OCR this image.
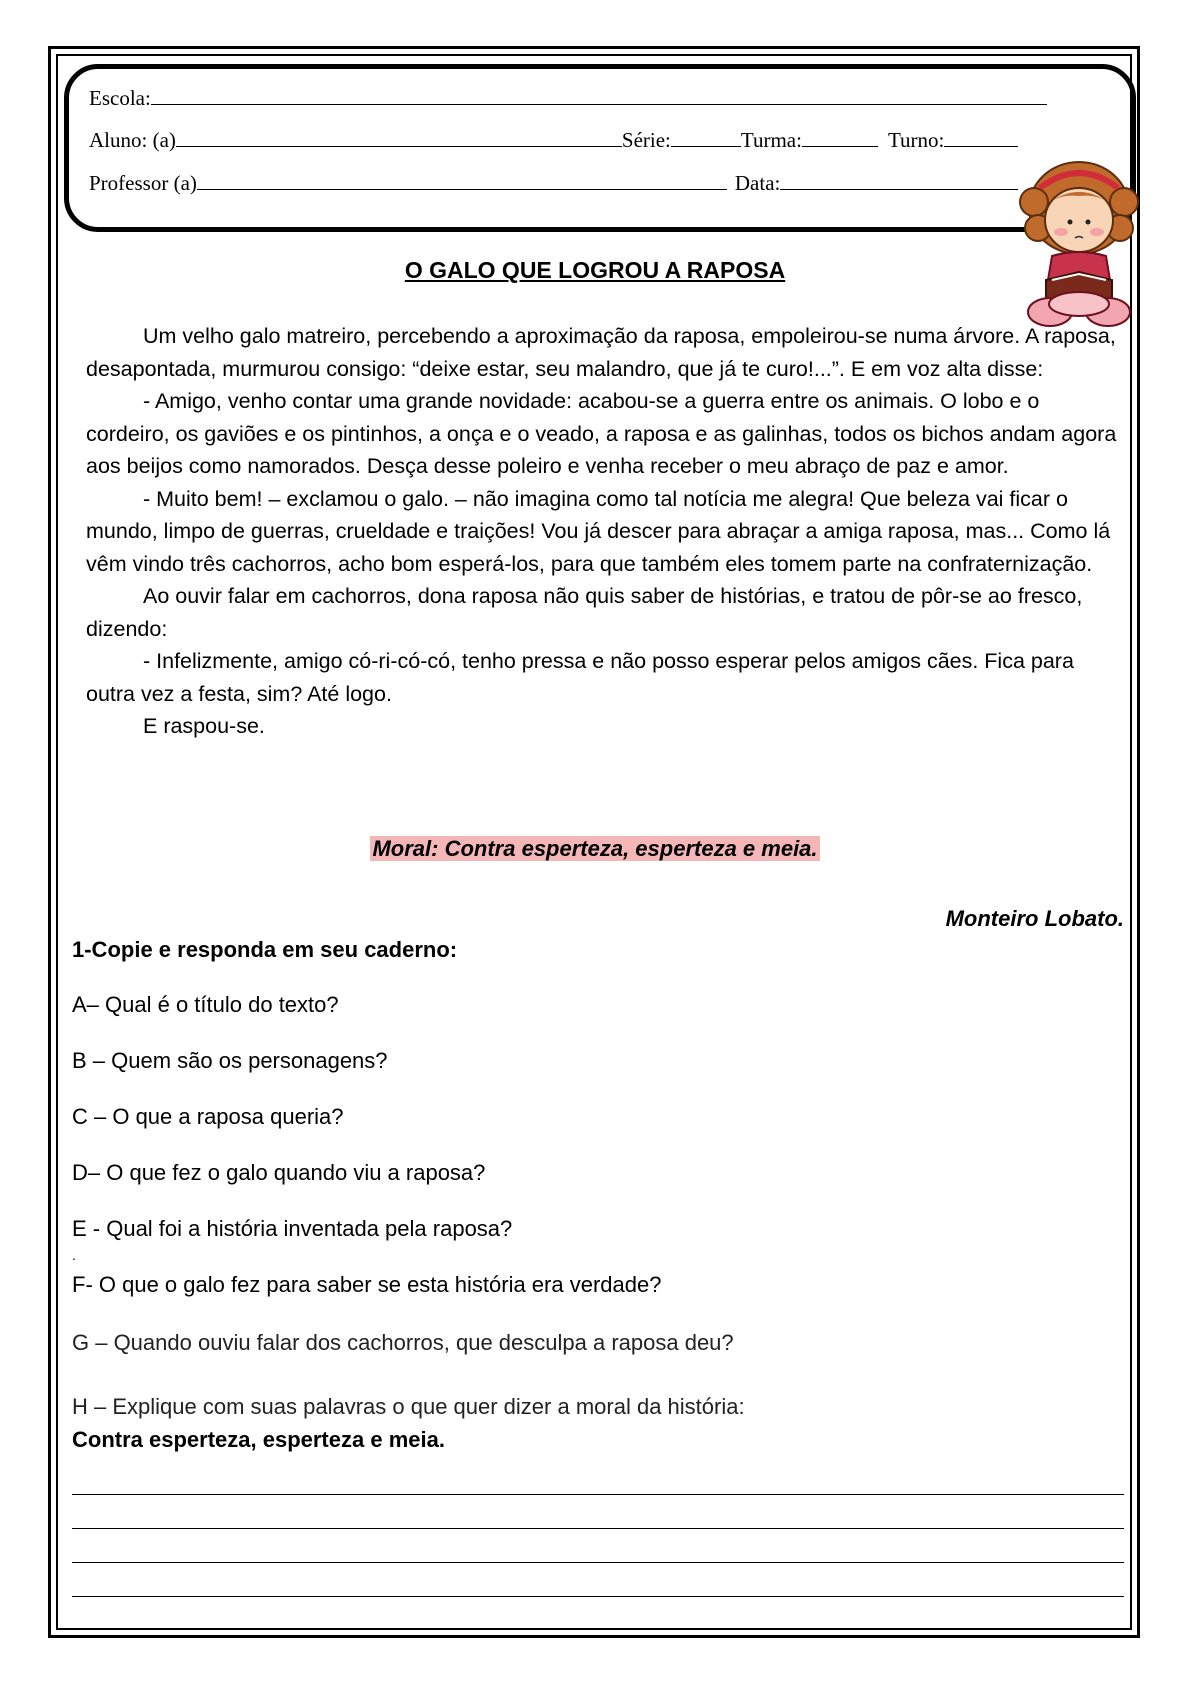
Escola:
Aluno: (a)	Série:	Turma:	Turno:
Professor (a)	Data:
O GALO QUE LOGROU A RAPOSA

Um velho galo matreiro, percebendo a aproximação da raposa, empoleirou-se numa árvore. A raposa, desapontada, murmurou consigo: “deixe estar, seu malandro, que já te curo!...”. E em voz alta disse:

- Amigo, venho contar uma grande novidade: acabou-se a guerra entre os animais. O lobo e o cordeiro, os gaviões e os pintinhos, a onça e o veado, a raposa e as galinhas, todos os bichos andam agora aos beijos como namorados. Desça desse poleiro e venha receber o meu abraço de paz e amor.

- Muito bem! – exclamou o galo. – não imagina como tal notícia me alegra! Que beleza vai ficar o mundo, limpo de guerras, crueldade e traições! Vou já descer para abraçar a amiga raposa, mas... Como lá vêm vindo três cachorros, acho bom esperá-los, para que também eles tomem parte na confraternização.

Ao ouvir falar em cachorros, dona raposa não quis saber de histórias, e tratou de pôr-se ao fresco, dizendo:

- Infelizmente, amigo có-ri-có-có, tenho pressa e não posso esperar pelos amigos cães. Fica para outra vez a festa, sim? Até logo.

E raspou-se.

Moral: Contra esperteza, esperteza e meia.
Monteiro Lobato.
1-Copie e responda em seu caderno:
A– Qual é o título do texto?
B – Quem são os personagens?
C – O que a raposa queria?
D– O que fez o galo quando viu a raposa?
E - Qual foi a história inventada pela raposa?
.
F- O que o galo fez para saber se esta história era verdade?
G – Quando ouviu falar dos cachorros, que desculpa a raposa deu?
H – Explique com suas palavras o que quer dizer a moral da história:
Contra esperteza, esperteza e meia.
